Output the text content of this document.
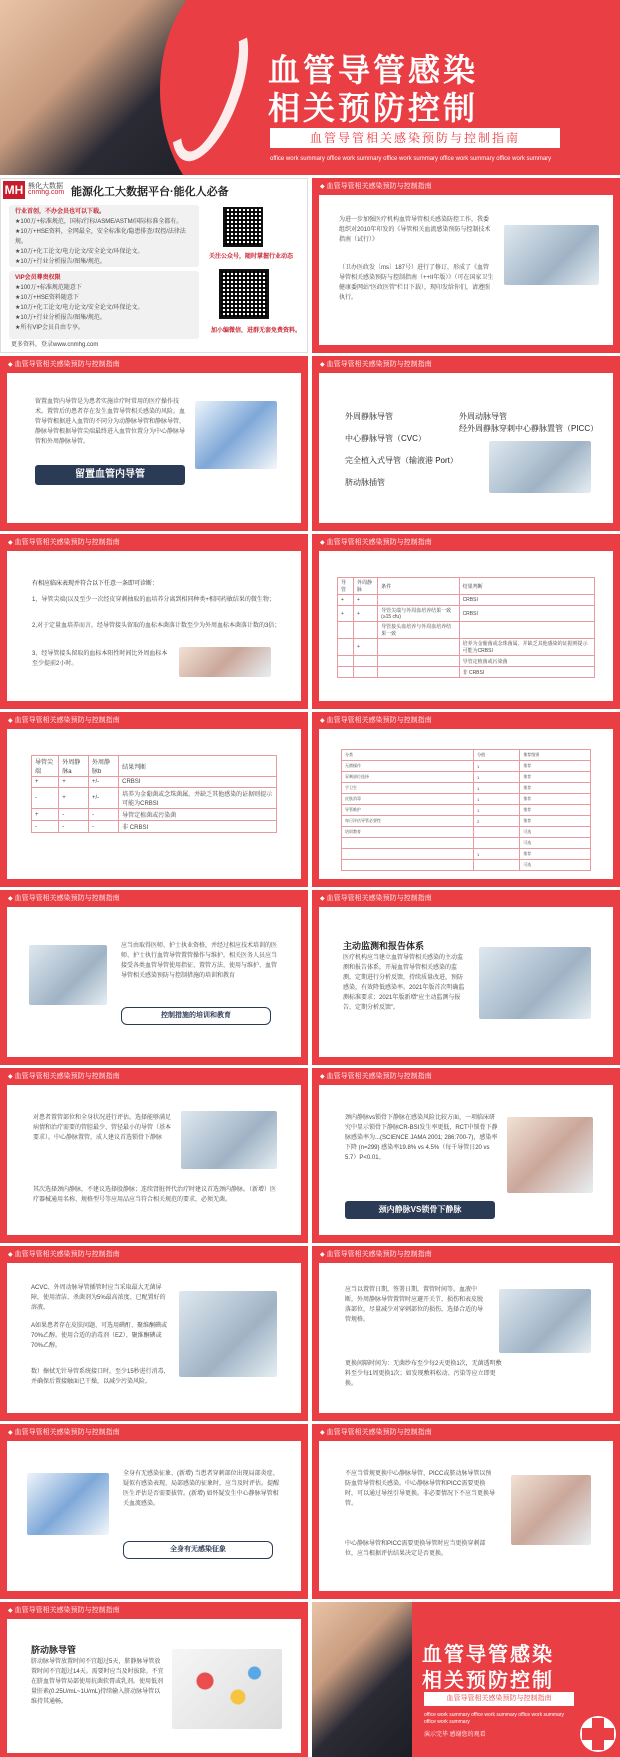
血管导管感染
相关预防控制
血管导管相关感染预防与控制指南
office work summary office work summary office work summary office work summary office work summary
MH 熊化大数据
cnmhg.com 能源化工大数据平台·能化人必备
行业首创，不办会员也可以下载。
★100万+标准规范，国标/行标/ASME/ASTM/国际标准全都有。
★10万+HSE资料，全网最全，安全标准化/隐患排查/双控/法律法规。
★10万+化工论文/电力论文/安全论文/环保论文。
★10万+行业分析报告/图集/规范。
VIP会员尊贵权限
★100万+标准规范随意下
★10万+HSE资料随意下
★10万+化工论文/电力论文/安全论文/环保论文。
★10万+行业分析报告/图集/规范。
★所有VIP会员自由专享。
更多资料，登录www.cnmhg.com
关注公众号，随时掌握行业动态
加小编微信，进群无套免费资料。
◆ 血管导管相关感染预防与控制指南
为进一步加强医疗机构血管导管相关感染防控工作，我委组织对2010年印发的《导管相关血流感染预防与控制技术指南（试行）》
（卫办医政发〔ms〕187号）进行了修订，形成了《血管导管相关感染预防与控制指南（++II年版）》（可在国家卫生健康委网站“医政医管”栏目下载），现印发给你们，请遵照执行。
◆ 血管导管相关感染预防与控制指南
留置血管内导管是为患者实施诊疗时常用的医疗操作技术。置管后的患者存在发生血管导管相关感染的风险。血管导管根据进入血管的不同分为动静脉导管和静脉导管，静脉导管根据导管尖端最终进入血管位置分为中心静脉导管和外周静脉导管。
留置血管内导管
◆ 血管导管相关感染预防与控制指南
外周静脉导管
中心静脉导管（CVC）
完全植入式导管（输液港 Port）
脐动脉插管
外周动脉导管
经外周静脉穿刺中心静脉置管（PICC）
◆ 血管导管相关感染预防与控制指南
有相应临床表现并符合以下任意一条即可诊断：
1、导管尖端(以及至少一次经皮穿刺抽取的血培养分离到相同种类+相同药敏结果的微生物；
2,对于定量血培养而言，经导管接头留取的血标本菌落计数至少为外周血标本菌落计数的3倍；
3、经导管接头留取的血标本阳性时间比外周血标本至少提前2小时。
◆ 血管导管相关感染预防与控制指南
导管	外周静脉	条件	结果判断
+	+		CRBSI
+	+	导管尖端与外周血培养结果一致(≥15 cfu)	CRBSI
		导管接头血培养与外周血培养结果一致	
	+		培养为金葡菌或念珠菌属，并缺乏其他感染的证据则提示可能为CRBSI
			导管定植菌或污染菌
			非 CRBSI
◆ 血管导管相关感染预防与控制指南
导管尖端	外周静脉a	外周静脉b	结果判断
+	+	+/-	CRBSI
-	+	+/-	培养为金葡菌或念珠菌属，并缺乏其他感染的证据则提示可能为CRBSI
+	-	-	导管定植菌或污染菌
-	-	-	非 CRBSI
◆ 血管导管相关感染预防与控制指南
分类	分值	推荐级别
无菌操作	1	推荐
穿刺部位选择	1	推荐
手卫生	1	推荐
皮肤消毒	1	推荐
导管维护	1	推荐
每日评估导管必要性	2	推荐
培训教育		可选
		可选
	1	推荐
		可选
◆ 血管导管相关感染预防与控制指南
应当由取得医师、护士执业资格，并经过相应技术培训的医师、护士执行血管导管置管操作与维护。相关医务人员应当接受各类血管导管使用指征、置管方法、使用与维护、血管导管相关感染预防与控制措施的培训和教育
控制措施的培训和教育
◆ 血管导管相关感染预防与控制指南
主动监测和报告体系
医疗机构应当建立血管导管相关感染的主动监测和报告体系，开展血管导管相关感染的监测，定期进行分析反馈，持续质量改进，预防感染，有效降低感染率。2021年版首次明确监测标准要求；2021年版新增“应主动监测与报告、定期分析反馈”。
◆ 血管导管相关感染预防与控制指南
对患者置管部位和全身状况进行评估。选择能够满足病情和治疗需要的管腔最少、管径最小的导管（基本要求）。中心静脉置管，成人建议首选锁骨下静脉
其次选择颈内静脉，不建议选择股静脉；连续肾脏替代治疗时建议首选颈内静脉。（新增）医疗器械通用名称、规格型号等应用品应当符合相关规范的要求，必须无菌。
◆ 血管导管相关感染预防与控制指南
颈内静脉vs锁骨下静脉在感染风险比较方面，一项临床研究中显示锁骨下静脉CR-BSI发生率更低，RCT中锁骨下静脉感染率为...(SCIENCE JAMA 2001; 286:700-7)，感染率下降 (n=299) 感染率19.8% vs 4.5%（每千导管日20 vs 5.7）P<0.01。
颈内静脉VS锁骨下静脉
◆ 血管导管相关感染预防与控制指南
ACVC、外周动脉导管插管时应当采取最大无菌屏障，使用清洁、杀菌剂为5%最高浓度、已配置好的溶液。
A如果患者存在皮肤问题、可选用碘酊、聚维酮碘或70%乙醇。使用合适的消毒剂（EZ）、聚维酮碘或70%乙醇。
数）擦拭无针导管系统接口时，至少15秒进行消毒，并确保后置接触面已干燥，以减少污染风险。
◆ 血管导管相关感染预防与控制指南
应当以置管日期，签署日期，置管时间等。血液中断，外周静脉导管置管时应避开关节、损伤和表皮脱落部位，尽量减少对穿刺部位的损伤，选择合适的导管规格。
更换间隔时间为：无菌纱布至少每2天更换1次，无菌透明敷料至少每1周更换1次；如发现敷料松动、污染等应立即更换。
◆ 血管导管相关感染预防与控制指南
全身有无感染征象、(新增) 当患者穿刺部位出现局部炎症、疑似有感染表现、局部感染的征象时，应当及时评估。提醒医生评估是否需要拔管。(新增) 如怀疑发生中心静脉导管相关血流感染。
全身有无感染征象
◆ 血管导管相关感染预防与控制指南
不应当常规更换中心静脉导管、PICC或脐动脉导管以预防血管导管相关感染。中心静脉导管和PICC需要更换时，可以通过导丝引导更换。非必要情况下不应当更换导管。
中心静脉导管和PICC需要更换导管时应当更换穿刺部位，应当根据评估结果决定是否更换。
◆ 血管导管相关感染预防与控制指南
脐动脉导管
脐动脉导管放置时间不宜超过5天，脐静脉导管放置时间不宜超过14天。需要时应当及时拔除。不宜在脐血管导管局部使用抗菌软膏或乳剂。使用低剂量肝素(0.25U/mL~1U/mL)持续输入脐动脉导管以维持其通畅。
血管导管感染
相关预防控制
血管导管相关感染预防与控制指南
office work summary office work summary office work summary office work summary
演示完毕 感谢您的观看
